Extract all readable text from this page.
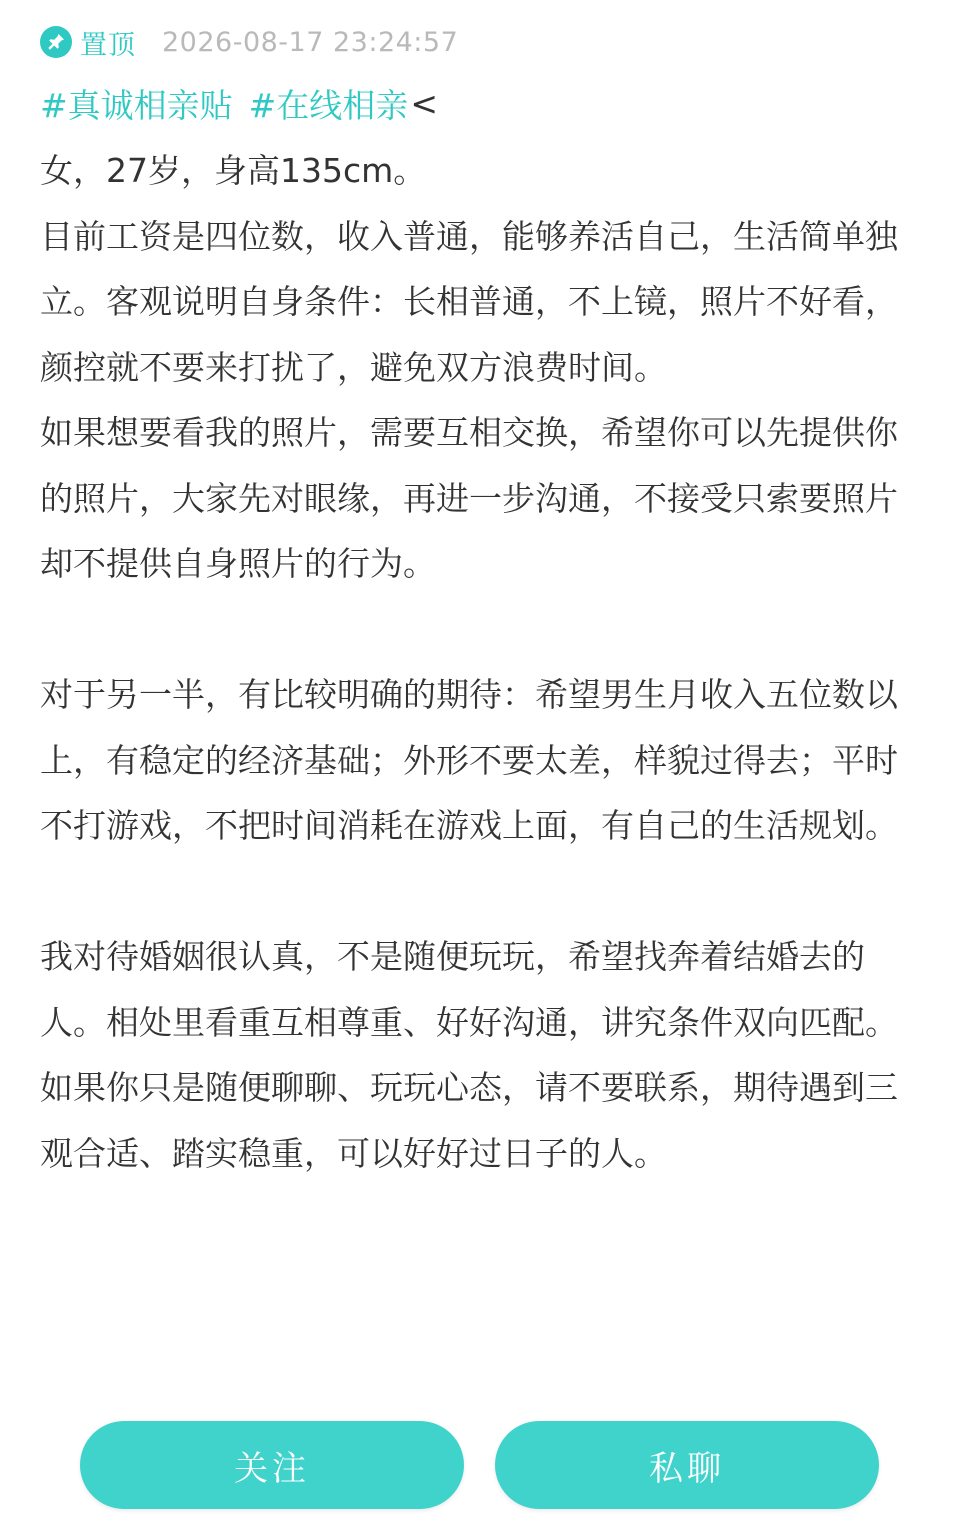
置顶 2026-08-17 23:24:57
#真诚相亲贴 #在线相亲 <

女，27岁，身高135cm。

目前工资是四位数，收入普通，能够养活自己，生活简单独立。客观说明自身条件：长相普通，不上镜，照片不好看，颜控就不要来打扰了，避免双方浪费时间。

如果想要看我的照片，需要互相交换，希望你可以先提供你的照片，大家先对眼缘，再进一步沟通，不接受只索要照片却不提供自身照片的行为。

对于另一半，有比较明确的期待：希望男生月收入五位数以上，有稳定的经济基础；外形不要太差，样貌过得去；平时不打游戏，不把时间消耗在游戏上面，有自己的生活规划。

我对待婚姻很认真，不是随便玩玩，希望找奔着结婚去的人。相处里看重互相尊重、好好沟通，讲究条件双向匹配。如果你只是随便聊聊、玩玩心态，请不要联系，期待遇到三观合适、踏实稳重，可以好好过日子的人。

关注	私聊
